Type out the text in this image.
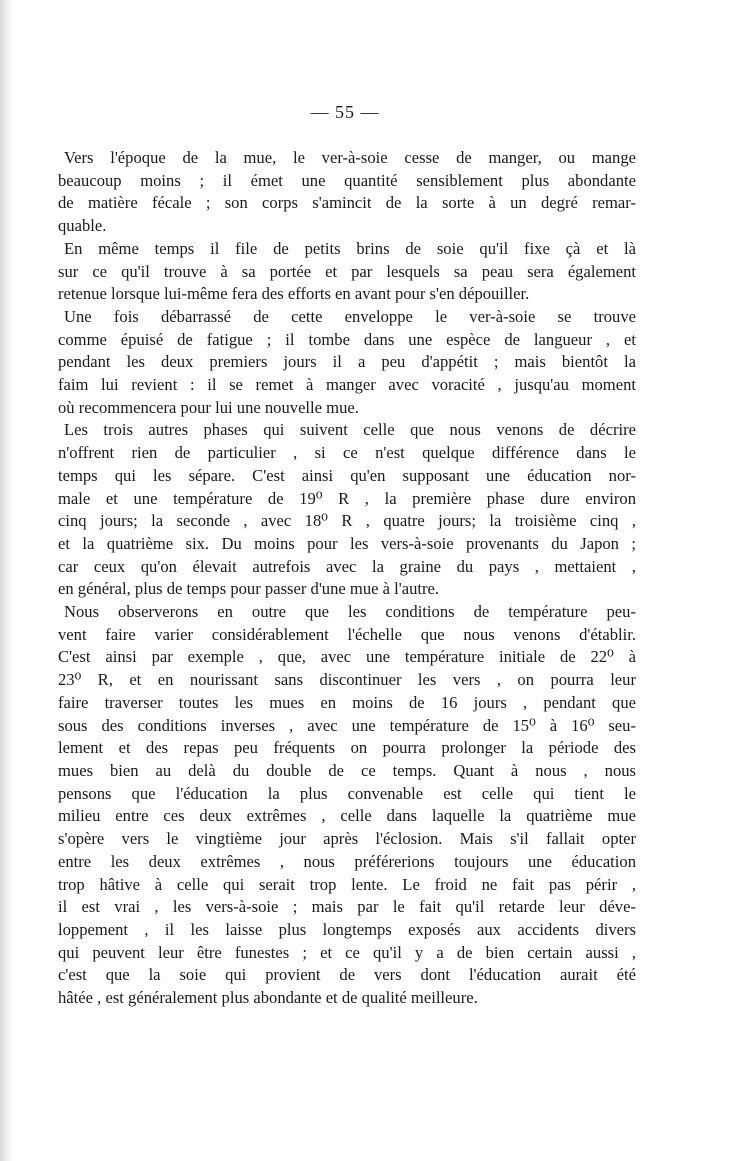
— 55 —
Vers l'époque de la mue, le ver-à-soie cesse de manger, ou mange
beaucoup moins ; il émet une quantité sensiblement plus abondante
de matière fécale ; son corps s'amincit de la sorte à un degré remar-
quable.
En même temps il file de petits brins de soie qu'il fixe çà et là
sur ce qu'il trouve à sa portée et par lesquels sa peau sera également
retenue lorsque lui-même fera des efforts en avant pour s'en dépouiller.
Une fois débarrassé de cette enveloppe le ver-à-soie se trouve
comme épuisé de fatigue ; il tombe dans une espèce de langueur , et
pendant les deux premiers jours il a peu d'appétit ; mais bientôt la
faim lui revient : il se remet à manger avec voracité , jusqu'au moment
où recommencera pour lui une nouvelle mue.
Les trois autres phases qui suivent celle que nous venons de décrire
n'offrent rien de particulier , si ce n'est quelque différence dans le
temps qui les sépare. C'est ainsi qu'en supposant une éducation nor-
male et une température de 19⁰ R , la première phase dure environ
cinq jours; la seconde , avec 18⁰ R , quatre jours; la troisième cinq ,
et la quatrième six. Du moins pour les vers-à-soie provenants du Japon ;
car ceux qu'on élevait autrefois avec la graine du pays , mettaient ,
en général, plus de temps pour passer d'une mue à l'autre.
Nous observerons en outre que les conditions de température peu-
vent faire varier considérablement l'échelle que nous venons d'établir.
C'est ainsi par exemple , que, avec une température initiale de 22⁰ à
23⁰ R, et en nourissant sans discontinuer les vers , on pourra leur
faire traverser toutes les mues en moins de 16 jours , pendant que
sous des conditions inverses , avec une température de 15⁰ à 16⁰ seu-
lement et des repas peu fréquents on pourra prolonger la période des
mues bien au delà du double de ce temps. Quant à nous , nous
pensons que l'éducation la plus convenable est celle qui tient le
milieu entre ces deux extrêmes , celle dans laquelle la quatrième mue
s'opère vers le vingtième jour après l'éclosion. Mais s'il fallait opter
entre les deux extrêmes , nous préférerions toujours une éducation
trop hâtive à celle qui serait trop lente. Le froid ne fait pas périr ,
il est vrai , les vers-à-soie ; mais par le fait qu'il retarde leur déve-
loppement , il les laisse plus longtemps exposés aux accidents divers
qui peuvent leur être funestes ; et ce qu'il y a de bien certain aussi ,
c'est que la soie qui provient de vers dont l'éducation aurait été
hâtée , est généralement plus abondante et de qualité meilleure.
